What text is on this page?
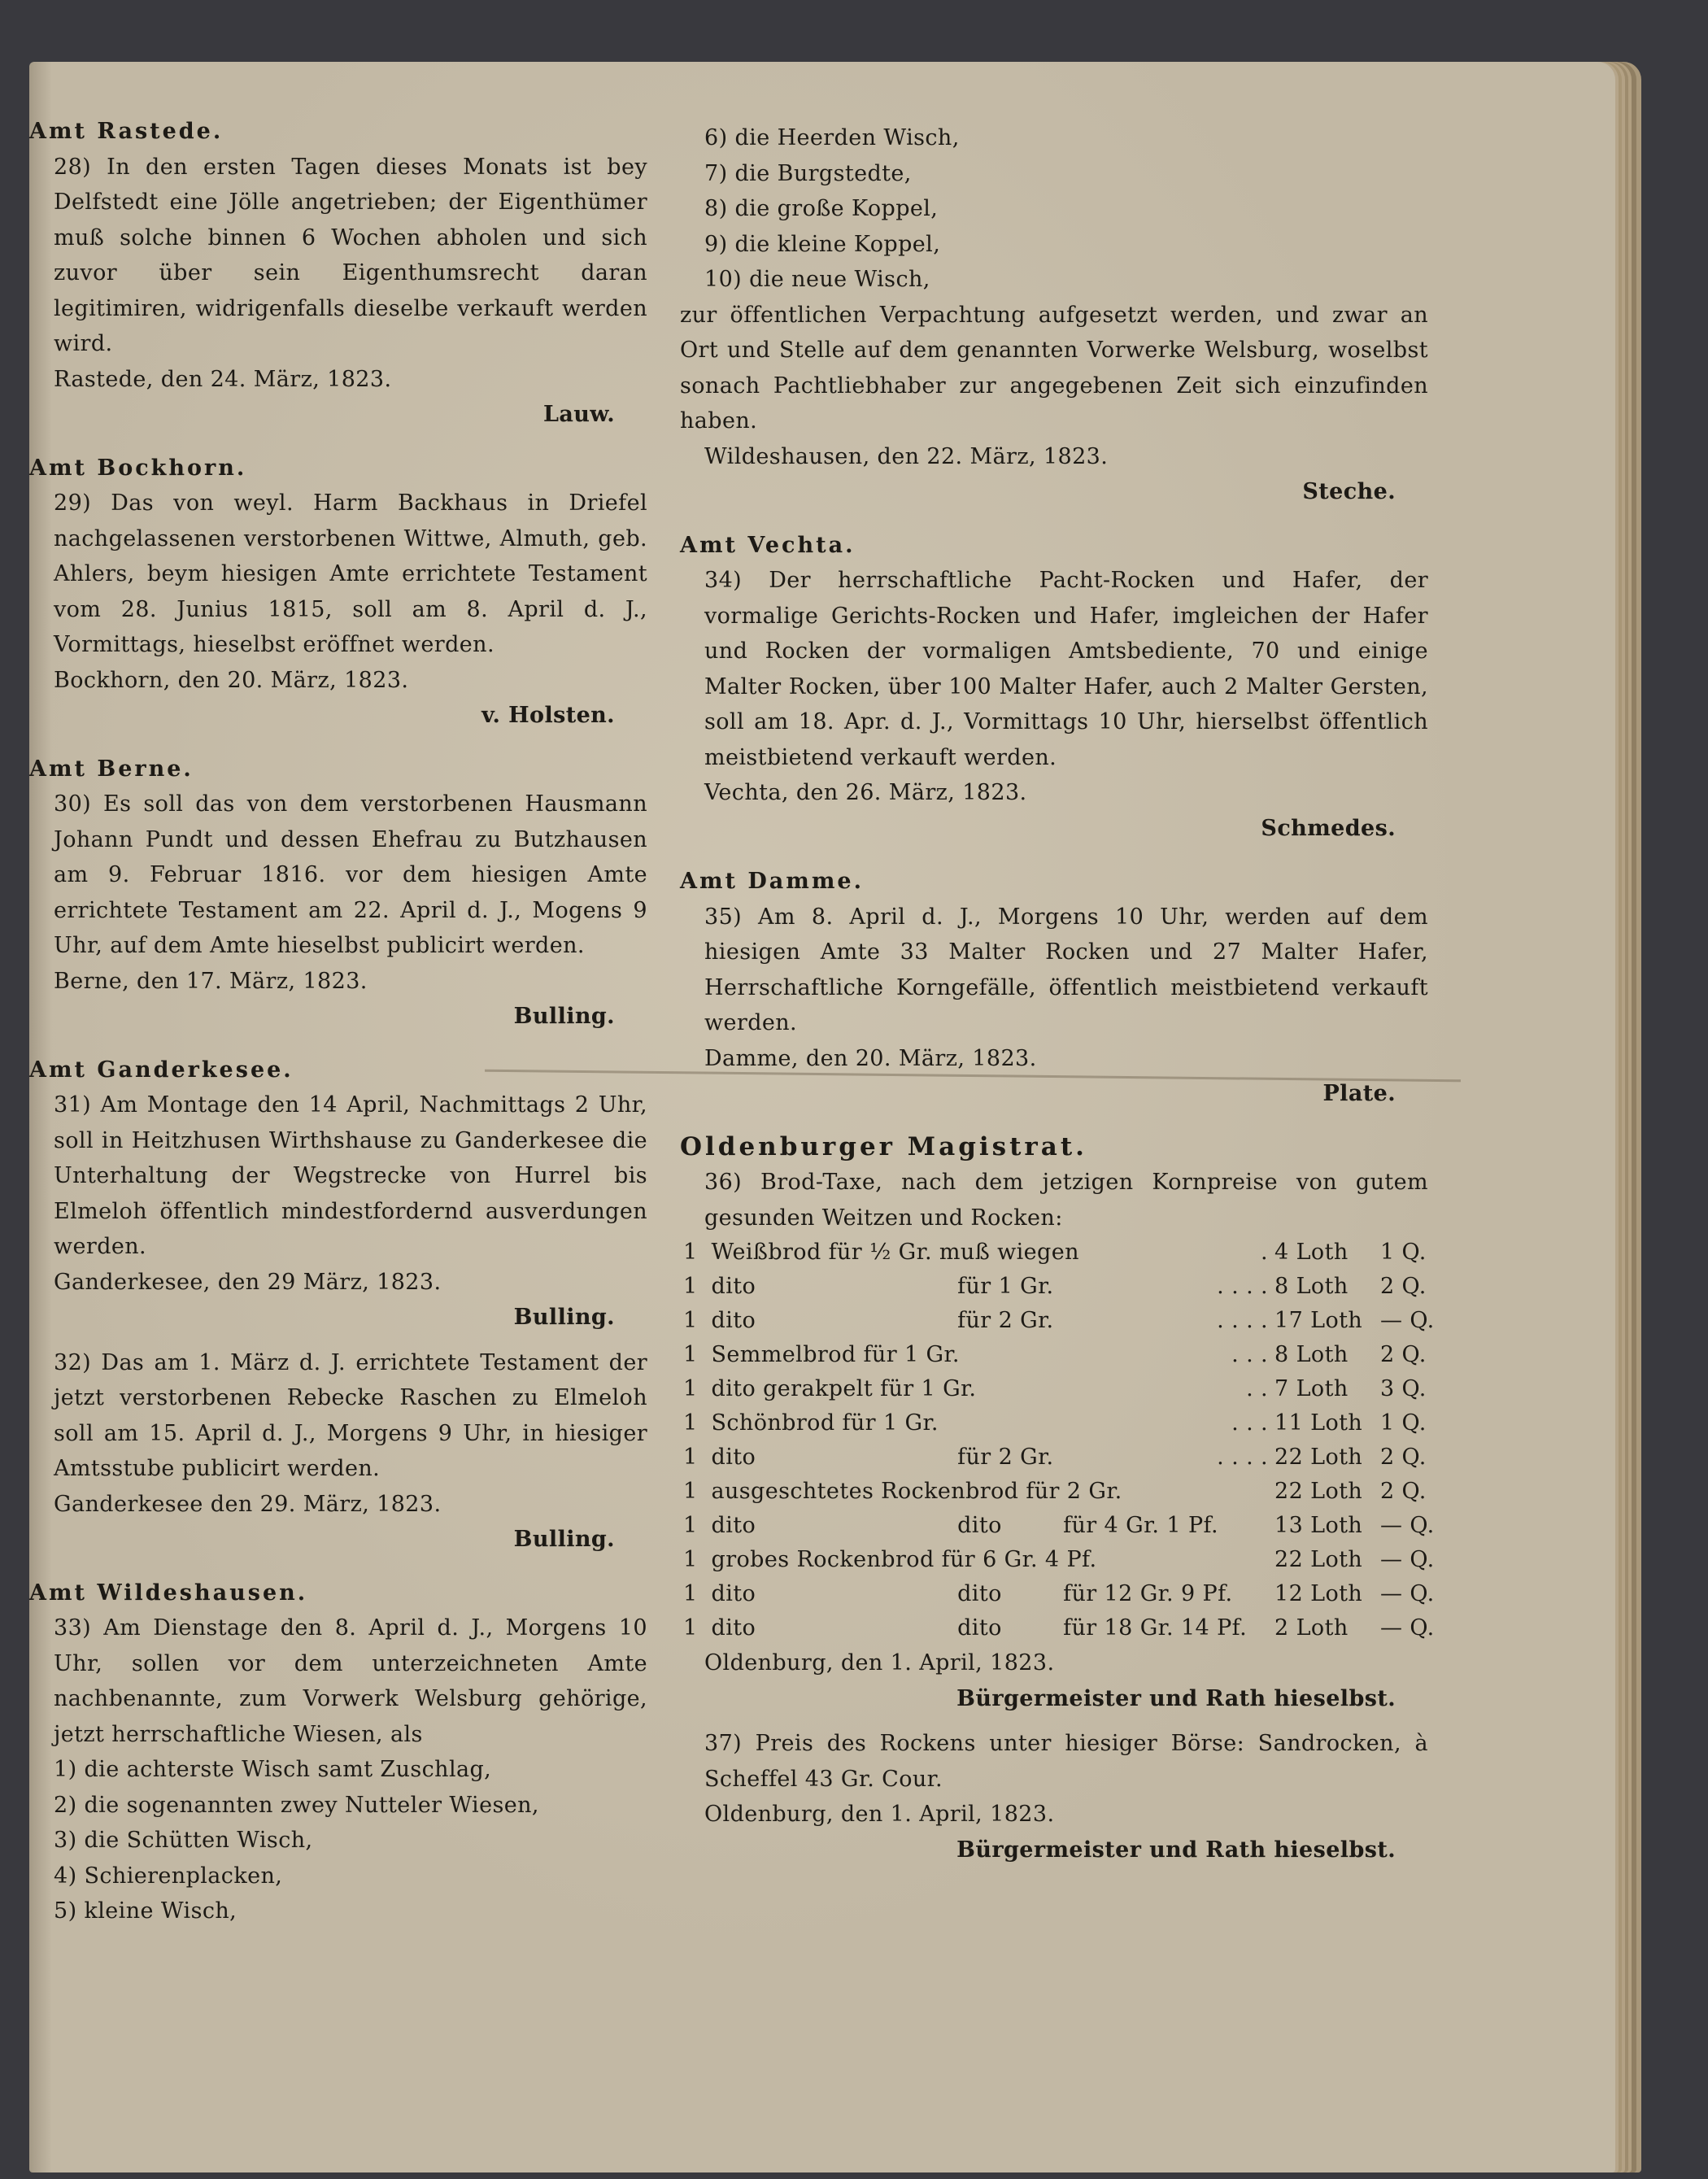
Amt Rastede.
28) In den ersten Tagen dieses Monats ist bey Delfstedt eine Jölle angetrieben; der Eigenthümer muß solche binnen 6 Wochen abholen und sich zuvor über sein Eigenthumsrecht daran legitimiren, widrigenfalls dieselbe verkauft werden wird.
Rastede, den 24. März, 1823.
Lauw.
Amt Bockhorn.
29) Das von weyl. Harm Backhaus in Driefel nachgelassenen verstorbenen Wittwe, Almuth, geb. Ahlers, beym hiesigen Amte errichtete Testament vom 28. Junius 1815, soll am 8. April d. J., Vormittags, hieselbst eröffnet werden.
Bockhorn, den 20. März, 1823.
v. Holsten.
Amt Berne.
30) Es soll das von dem verstorbenen Hausmann Johann Pundt und dessen Ehefrau zu Butzhausen am 9. Februar 1816. vor dem hiesigen Amte errichtete Testament am 22. April d. J., Mogens 9 Uhr, auf dem Amte hieselbst publicirt werden.
Berne, den 17. März, 1823.
Bulling.
Amt Ganderkesee.
31) Am Montage den 14 April, Nachmittags 2 Uhr, soll in Heitzhusen Wirthshause zu Ganderkesee die Unterhaltung der Wegstrecke von Hurrel bis Elmeloh öffentlich mindestfordernd ausverdungen werden.
Ganderkesee, den 29 März, 1823.
Bulling.
32) Das am 1. März d. J. errichtete Testament der jetzt verstorbenen Rebecke Raschen zu Elmeloh soll am 15. April d. J., Morgens 9 Uhr, in hiesiger Amtsstube publicirt werden.
Ganderkesee den 29. März, 1823.
Bulling.
Amt Wildeshausen.
33) Am Dienstage den 8. April d. J., Morgens 10 Uhr, sollen vor dem unterzeichneten Amte nachbenannte, zum Vorwerk Welsburg gehörige, jetzt herrschaftliche Wiesen, als
1) die achterste Wisch samt Zuschlag,
2) die sogenannten zwey Nutteler Wiesen,
3) die Schütten Wisch,
4) Schierenplacken,
5) kleine Wisch,
6) die Heerden Wisch,
7) die Burgstedte,
8) die große Koppel,
9) die kleine Koppel,
10) die neue Wisch,
zur öffentlichen Verpachtung aufgesetzt werden, und zwar an Ort und Stelle auf dem genannten Vorwerke Welsburg, woselbst sonach Pachtliebhaber zur angegebenen Zeit sich einzufinden haben.
Wildeshausen, den 22. März, 1823.
Steche.
Amt Vechta.
34) Der herrschaftliche Pacht-Rocken und Hafer, der vormalige Gerichts-Rocken und Hafer, imgleichen der Hafer und Rocken der vormaligen Amtsbediente, 70 und einige Malter Rocken, über 100 Malter Hafer, auch 2 Malter Gersten, soll am 18. Apr. d. J., Vormittags 10 Uhr, hierselbst öffentlich meistbietend verkauft werden.
Vechta, den 26. März, 1823.
Schmedes.
Amt Damme.
35) Am 8. April d. J., Morgens 10 Uhr, werden auf dem hiesigen Amte 33 Malter Rocken und 27 Malter Hafer, Herrschaftliche Korngefälle, öffentlich meistbietend verkauft werden.
Damme, den 20. März, 1823.
Plate.
Oldenburger Magistrat.
36) Brod-Taxe, nach dem jetzigen Kornpreise von gutem gesunden Weitzen und Rocken:
1	Weißbrod für ½ Gr. muß wiegen			.	4 Loth	1 Q.
1	dito	für 1 Gr.		. . . .	8 Loth	2 Q.
1	dito	für 2 Gr.		. . . .	17 Loth	— Q.
1	Semmelbrod für 1 Gr.			. . .	8 Loth	2 Q.
1	dito gerakpelt für 1 Gr.			. .	7 Loth	3 Q.
1	Schönbrod für 1 Gr.			. . .	11 Loth	1 Q.
1	dito	für 2 Gr.		. . . .	22 Loth	2 Q.
1	ausgeschtetes Rockenbrod für 2 Gr.				22 Loth	2 Q.
1	dito	dito	für 4 Gr. 1 Pf.		13 Loth	— Q.
1	grobes Rockenbrod für 6 Gr. 4 Pf.				22 Loth	— Q.
1	dito	dito	für 12 Gr. 9 Pf.		12 Loth	— Q.
1	dito	dito	für 18 Gr. 14 Pf.		2 Loth	— Q.
Oldenburg, den 1. April, 1823.
Bürgermeister und Rath hieselbst.
37) Preis des Rockens unter hiesiger Börse: Sandrocken, à Scheffel 43 Gr. Cour.
Oldenburg, den 1. April, 1823.
Bürgermeister und Rath hieselbst.
